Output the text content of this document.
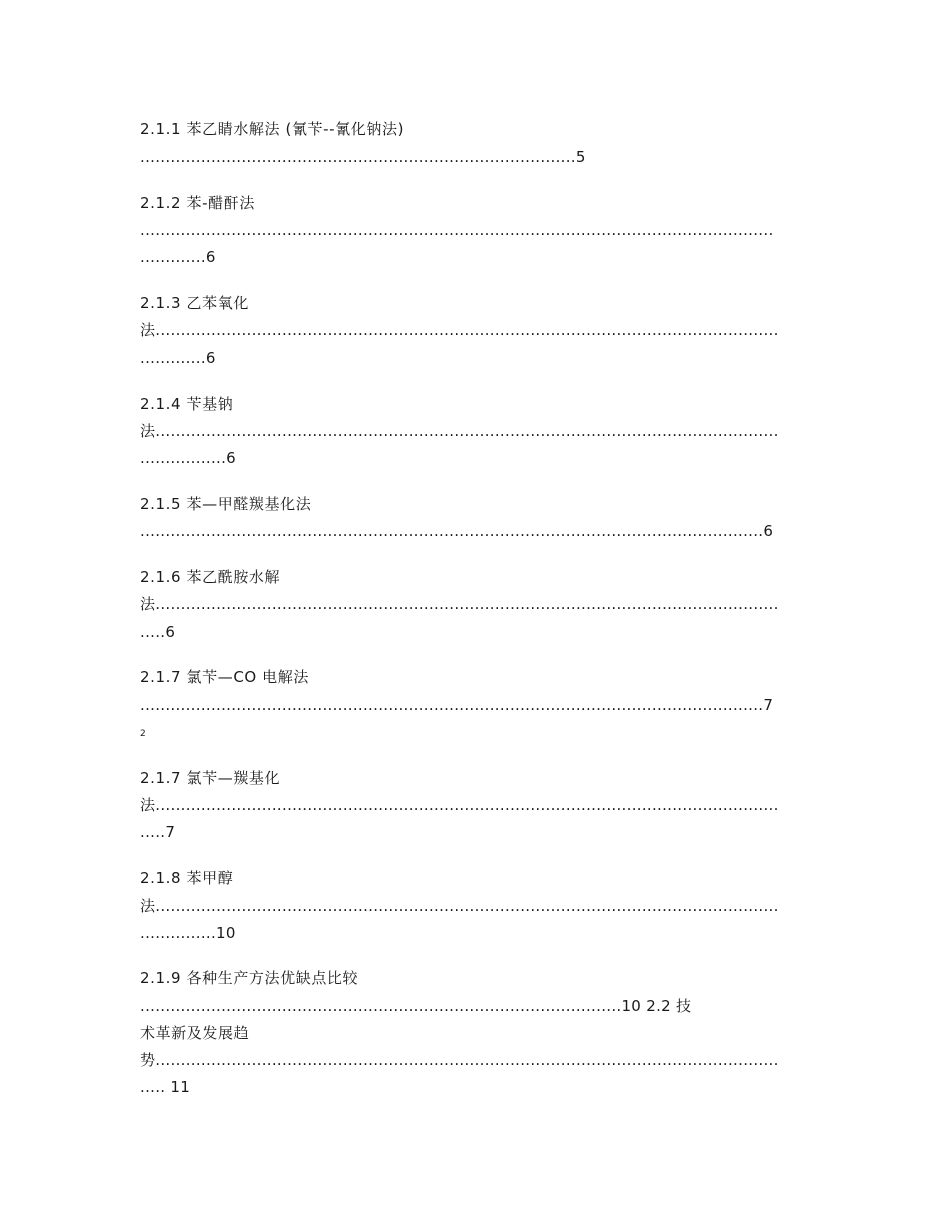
2.1.1 苯乙睛水解法 (氰苄--氰化钠法)
......................................................................................5
2.1.2 苯-醋酐法
.............................................................................................................................
.............6
2.1.3 乙苯氧化
法...........................................................................................................................
.............6
2.1.4 苄基钠
法...........................................................................................................................
.................6
2.1.5 苯—甲醛羰基化法
...........................................................................................................................6
2.1.6 苯乙酰胺水解
法...........................................................................................................................
.....6
2.1.7 氯苄—CO 电解法
...........................................................................................................................7
2
2.1.7 氯苄—羰基化
法...........................................................................................................................
.....7
2.1.8 苯甲醇
法...........................................................................................................................
...............10
2.1.9 各种生产方法优缺点比较
...............................................................................................10 2.2 技
术革新及发展趋
势...........................................................................................................................
..... 11
